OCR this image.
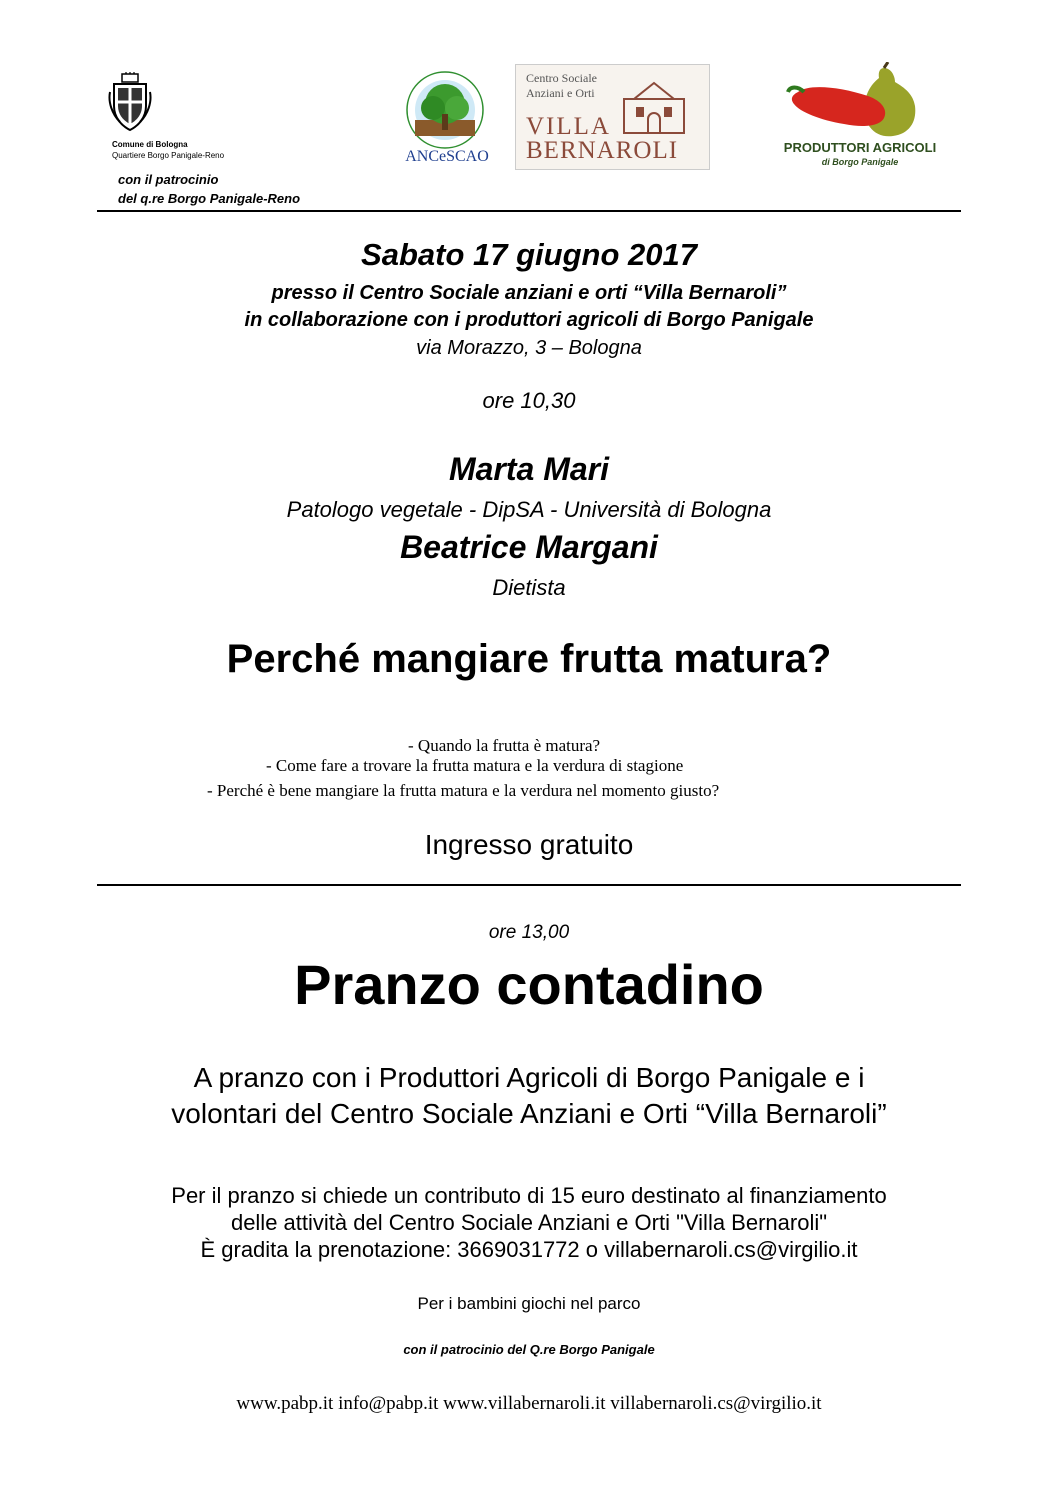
Comune di Bologna
Quartiere Borgo Panigale-Reno	ANCeSCAO
Centro Sociale
Anziani e Orti
VILLA
BERNAROLI	PRODUTTORI AGRICOLI
di Borgo Panigale
con il patrocinio
del q.re Borgo Panigale-Reno
Sabato 17 giugno 2017
presso il Centro Sociale anziani e orti “Villa Bernaroli”
in collaborazione con i produttori agricoli di Borgo Panigale
via Morazzo, 3 – Bologna
ore 10,30
Marta Mari
Patologo vegetale - DipSA - Università di Bologna
Beatrice Margani
Dietista
Perché mangiare frutta matura?
- Quando la frutta è matura?
- Come fare a trovare la frutta matura e la verdura di stagione
- Perché è bene mangiare la frutta matura e la verdura nel momento giusto?
Ingresso gratuito
ore 13,00
Pranzo contadino
A pranzo con i Produttori Agricoli di Borgo Panigale e i
volontari del Centro Sociale Anziani e Orti “Villa Bernaroli”
Per il pranzo si chiede un contributo di 15 euro destinato al finanziamento
delle attività del Centro Sociale Anziani e Orti "Villa Bernaroli"
È gradita la prenotazione: 3669031772 o villabernaroli.cs@virgilio.it
Per i bambini giochi nel parco
con il patrocinio del Q.re Borgo Panigale
www.pabp.it info@pabp.it www.villabernaroli.it villabernaroli.cs@virgilio.it
